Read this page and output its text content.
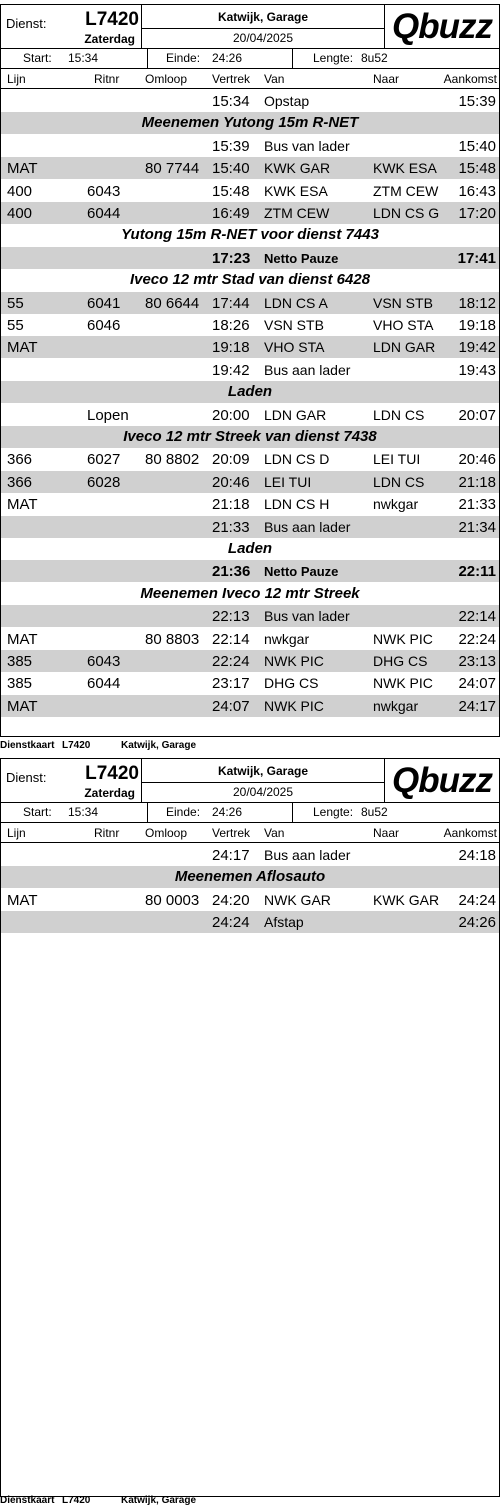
Dienst: L7420
Zaterdag
Katwijk, Garage
20/04/2025	Qbuzz
Start: 15:34	Einde: 24:26	Lengte: 8u52
Lijn	Ritnr Omloop Vertrek Van	Naar	Aankomst
15:34 Opstap	15:39
Meenemen Yutong 15m R-NET
15:39 Bus van lader	15:40
MAT	80 7744 15:40 KWK GAR	KWK ESA 15:48
400	6043	15:48 KWK ESA	ZTM CEW 16:43
400	6044	16:49 ZTM CEW	LDN CS G 17:20
Yutong 15m R-NET voor dienst 7443
17:23 Netto Pauze	17:41
Iveco 12 mtr Stad van dienst 6428
55	6041 80 6644 17:44 LDN CS A	VSN STB 18:12
55	6046	18:26 VSN STB	VHO STA 19:18
MAT	19:18 VHO STA	LDN GAR 19:42
19:42 Bus aan lader	19:43
Laden
Lopen	20:00 LDN GAR	LDN CS 20:07
Iveco 12 mtr Streek van dienst 7438
366	6027 80 8802 20:09 LDN CS D	LEI TUI	20:46
366	6028	20:46 LEI TUI	LDN CS 21:18
MAT	21:18 LDN CS H	nwkgar	21:33
21:33 Bus aan lader	21:34
Laden
21:36 Netto Pauze	22:11
Meenemen Iveco 12 mtr Streek
22:13 Bus van lader	22:14
MAT	80 8803 22:14 nwkgar	NWK PIC 22:24
385	6043	22:24 NWK PIC	DHG CS 23:13
385	6044	23:17 DHG CS	NWK PIC 24:07
MAT	24:07 NWK PIC	nwkgar	24:17
Dienstkaart L7420	Katwijk, Garage
Dienst: L7420
Zaterdag
Katwijk, Garage
20/04/2025	Qbuzz
Start: 15:34	Einde: 24:26	Lengte: 8u52
Lijn	Ritnr Omloop Vertrek Van	Naar	Aankomst
24:17 Bus aan lader	24:18
Meenemen Aflosauto
MAT	80 0003 24:20 NWK GAR	KWK GAR 24:24
24:24 Afstap	24:26
Dienstkaart L7420	Katwijk, Garage
